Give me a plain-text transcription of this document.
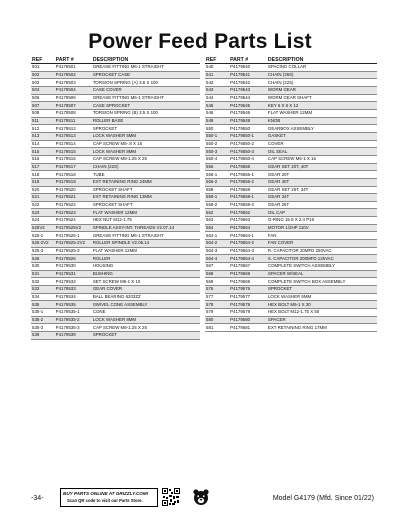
Power Feed Parts List
REF	PART #	DESCRIPTION
501	P4179501	GREASE FITTING M6-1 STRAIGHT
502	P4179502	SPROCKET CASE
503	P4179503	TORSION SPRING (A) 3.5 X 100
504	P4179504	CASE COVER
506	P4179506	GREASE FITTING M6-1 STRAIGHT
507	P4179507	CASE SPROCKET
508	P4179508	TORSION SPRING (B) 3.5 X 100
511	P4179511	ROLLER BASE
512	P4179512	SPROCKET
513	P4179513	LOCK WASHER 5MM
514	P4179514	CAP SCREW M5-.8 X 16
515	P4179515	LOCK WASHER 8MM
516	P4179516	CAP SCREW M8-1.25 X 25
517	P4179517	CHAIN (22S)
518	P4179518	TUBE
519	P4179519	EXT RETAINING RING 24MM
520	P4179520	SPROCKET SHAFT
521	P4179521	EXT RETAINING RING 13MM
522	P4179522	SPROCKET SHAFT
523	P4179523	FLAT WASHER 12MM
524	P4179524	HEX NUT M12-1.75
525V2	P4179525V2	SPINDLE ASSY-INT. THREADS V2.07.14
525-1	P4179525-1	GREASE FITTING M6-1 STRAIGHT
525-2V2	P4179525-2V2	ROLLER SPINDLE V2.06.14
525-3	P4179525-3	FLAT WASHER 12MM
526	P4179526	ROLLER
530	P4179530	HOUSING
531	P4179531	BUSHING
532	P4179532	SET SCREW M6-1 X 10
533	P4179533	GEAR COVER
534	P4179534	BALL BEARING 6203ZZ
535	P4179535	SWIVEL CONE ASSEMBLY
535-1	P4179535-1	CONE
535-2	P4179535-2	LOCK WASHER 8MM
535-3	P4179535-3	CAP SCREW M8-1.25 X 25
539	P4179539	SPROCKET
REF	PART #	DESCRIPTION
540	P4179540	SPACING COLLAR
541	P4179541	CHAIN (36S)
542	P4179542	CHAIN (22S)
543	P4179543	WORM GEAR
544	P4179544	WORM GEAR SHAFT
545	P4179545	KEY 6 X 6 X 12
546	P4179546	FLAT WASHER 12MM
549	P4179549	KNOB
550	P4179550	GEARBOX ASSEMBLY
550-1	P4179550-1	GASKET
550-2	P4179550-2	COVER
550-3	P4179550-3	OIL SEAL
550-4	P4179550-4	CAP SCREW M6-1 X 16
556	P4179556	GEAR SET 20T, 40T
556-1	P4179556-1	GEAR 20T
556-2	P4179556-2	GEAR 40T
559	P4179559	GEAR SET 26T, 34T
559-1	P4179559-1	GEAR 34T
559-2	P4179559-2	GEAR 26T
562	P4179562	OIL CAP
563	P4179563	O-RING 15.8 X 2.4 P16
564	P4179564	MOTOR 1/2HP 110V
564-1	P4179564-1	FAN
564-2	P4179564-2	FAN COVER
564-3	P4179564-3	R. CAPACITOR 20MFD 250VAC
564-4	P4179564-4	S. CAPACITOR 200MFD 125VAC
567	P4179567	COMPLETE SWITCH ASSEMBLY
568	P4179568	SPACER W/SEAL
569	P4179569	COMPLETE SWITCH BOX ASSEMBLY
576	P4179576	SPROCKET
577	P4179577	LOCK WASHER 6MM
578	P4179578	HEX BOLT M6-1 X 30
579	P4179579	HEX BOLT M12-1.75 X 50
580	P4179580	SPACER
581	P4179581	EXT RETAINING RING 17MM
-34-
BUY PARTS ONLINE AT GRIZZLY.COM!
Scan QR code to visit our Parts Store.	Model G4179 (Mfd. Since 01/22)
